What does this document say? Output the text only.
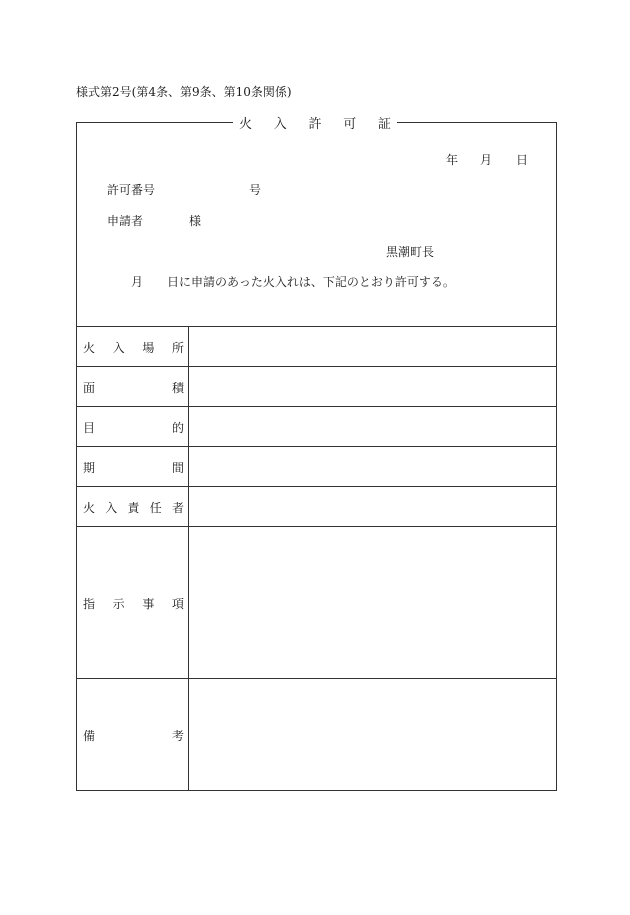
様式第2号(第4条、第9条、第10条関係)
火 入 許 可 証
年 月 日
許可番号	号
申請者	様
黒潮町長
月 日に申請のあった火入れは、下記のとおり許可する。
火 入 場 所
面	積
目	的
期	間
火 入 責 任 者
指 示 事 項
備	考
